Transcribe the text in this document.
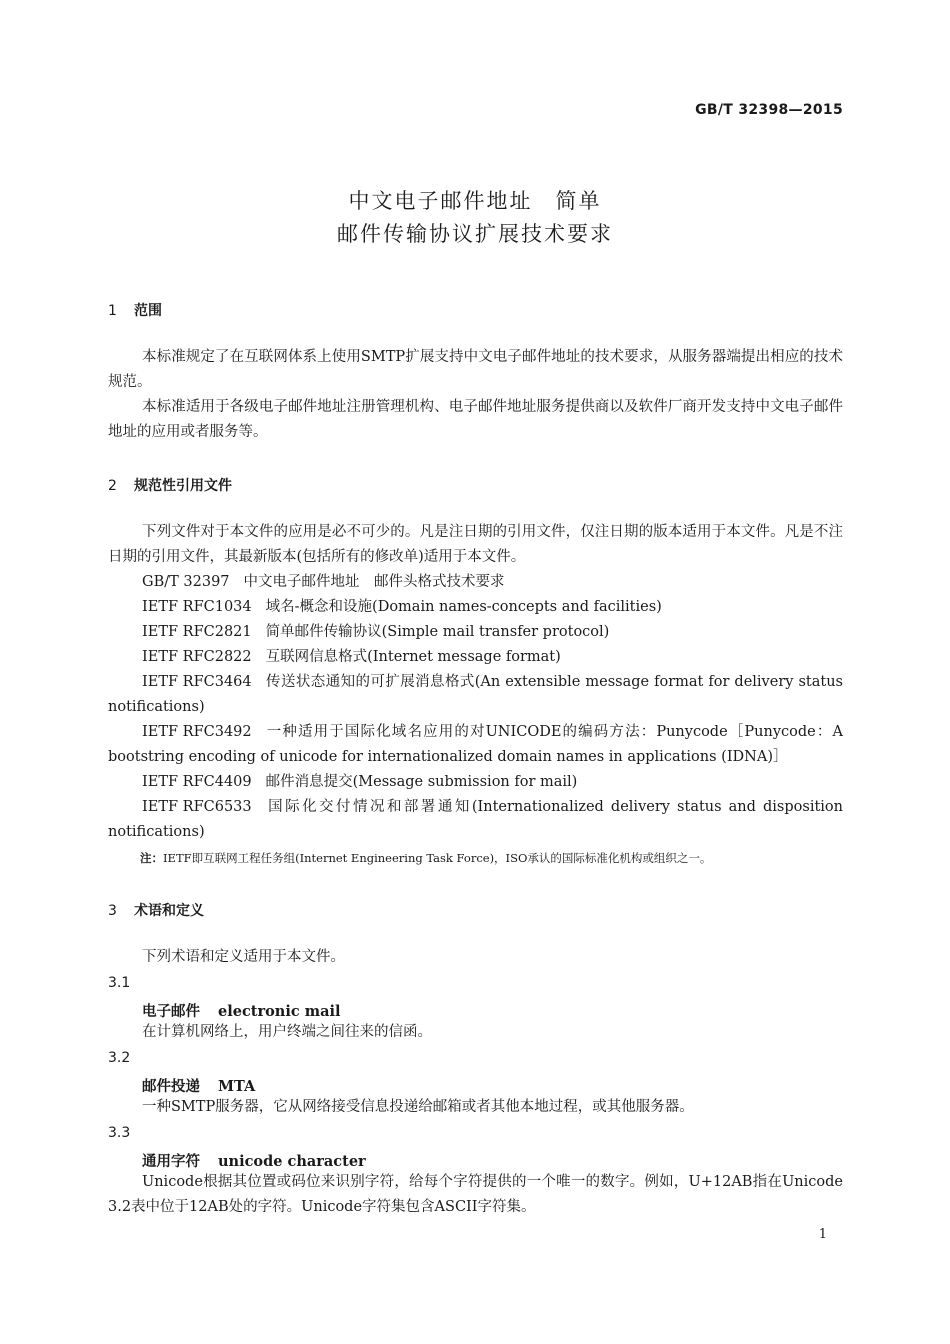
GB/T 32398—2015
中文电子邮件地址　简单
邮件传输协议扩展技术要求
1 范围

本标准规定了在互联网体系上使用SMTP扩展支持中文电子邮件地址的技术要求，从服务器端提出相应的技术规范。

本标准适用于各级电子邮件地址注册管理机构、电子邮件地址服务提供商以及软件厂商开发支持中文电子邮件地址的应用或者服务等。

2 规范性引用文件

下列文件对于本文件的应用是必不可少的。凡是注日期的引用文件，仅注日期的版本适用于本文件。凡是不注日期的引用文件，其最新版本(包括所有的修改单)适用于本文件。

GB/T 32397 中文电子邮件地址　邮件头格式技术要求

IETF RFC1034 域名-概念和设施(Domain names-concepts and facilities)

IETF RFC2821 简单邮件传输协议(Simple mail transfer protocol)

IETF RFC2822 互联网信息格式(Internet message format)

IETF RFC3464 传送状态通知的可扩展消息格式(An extensible message format for delivery status notifications)

IETF RFC3492 一种适用于国际化域名应用的对UNICODE的编码方法：Punycode［Punycode：A bootstring encoding of unicode for internationalized domain names in applications (IDNA)］

IETF RFC4409 邮件消息提交(Message submission for mail)

IETF RFC6533 国际化交付情况和部署通知(Internationalized delivery status and disposition notifications)

注：IETF即互联网工程任务组(Internet Engineering Task Force)，ISO承认的国际标准化机构或组织之一。
3 术语和定义

下列术语和定义适用于本文件。

3.1
电子邮件 electronic mail

在计算机网络上，用户终端之间往来的信函。

3.2
邮件投递 MTA

一种SMTP服务器，它从网络接受信息投递给邮箱或者其他本地过程，或其他服务器。

3.3
通用字符 unicode character

Unicode根据其位置或码位来识别字符，给每个字符提供的一个唯一的数字。例如，U+12AB指在Unicode 3.2表中位于12AB处的字符。Unicode字符集包含ASCII字符集。

1
